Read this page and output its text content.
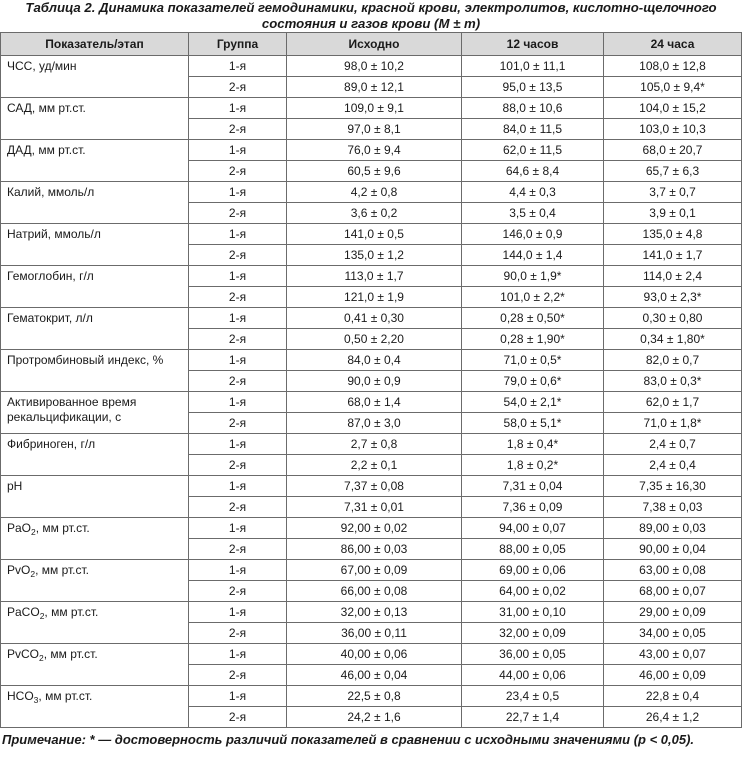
Таблица 2. Динамика показателей гемодинамики, красной крови, электролитов, кислотно-щелочного
состояния и газов крови (M ± m)
Показатель/этап	Группа	Исходно	12 часов	24 часа
ЧСС, уд/мин	1-я	98,0 ± 10,2	101,0 ± 11,1	108,0 ± 12,8
	2-я	89,0 ± 12,1	95,0 ± 13,5	105,0 ± 9,4*
САД, мм рт.ст.	1-я	109,0 ± 9,1	88,0 ± 10,6	104,0 ± 15,2
	2-я	97,0 ± 8,1	84,0 ± 11,5	103,0 ± 10,3
ДАД, мм рт.ст.	1-я	76,0 ± 9,4	62,0 ± 11,5	68,0 ± 20,7
	2-я	60,5 ± 9,6	64,6 ± 8,4	65,7 ± 6,3
Калий, ммоль/л	1-я	4,2 ± 0,8	4,4 ± 0,3	3,7 ± 0,7
	2-я	3,6 ± 0,2	3,5 ± 0,4	3,9 ± 0,1
Натрий, ммоль/л	1-я	141,0 ± 0,5	146,0 ± 0,9	135,0 ± 4,8
	2-я	135,0 ± 1,2	144,0 ± 1,4	141,0 ± 1,7
Гемоглобин, г/л	1-я	113,0 ± 1,7	90,0 ± 1,9*	114,0 ± 2,4
	2-я	121,0 ± 1,9	101,0 ± 2,2*	93,0 ± 2,3*
Гематокрит, л/л	1-я	0,41 ± 0,30	0,28 ± 0,50*	0,30 ± 0,80
	2-я	0,50 ± 2,20	0,28 ± 1,90*	0,34 ± 1,80*
Протромбиновый индекс, %	1-я	84,0 ± 0,4	71,0 ± 0,5*	82,0 ± 0,7
	2-я	90,0 ± 0,9	79,0 ± 0,6*	83,0 ± 0,3*
Активированное время рекальцификации, с	1-я	68,0 ± 1,4	54,0 ± 2,1*	62,0 ± 1,7
	2-я	87,0 ± 3,0	58,0 ± 5,1*	71,0 ± 1,8*
Фибриноген, г/л	1-я	2,7 ± 0,8	1,8 ± 0,4*	2,4 ± 0,7
	2-я	2,2 ± 0,1	1,8 ± 0,2*	2,4 ± 0,4
pH	1-я	7,37 ± 0,08	7,31 ± 0,04	7,35 ± 16,30
	2-я	7,31 ± 0,01	7,36 ± 0,09	7,38 ± 0,03
PaO$_2$, мм рт.ст.	1-я	92,00 ± 0,02	94,00 ± 0,07	89,00 ± 0,03
	2-я	86,00 ± 0,03	88,00 ± 0,05	90,00 ± 0,04
PvO$_2$, мм рт.ст.	1-я	67,00 ± 0,09	69,00 ± 0,06	63,00 ± 0,08
	2-я	66,00 ± 0,08	64,00 ± 0,02	68,00 ± 0,07
PaCO$_2$, мм рт.ст.	1-я	32,00 ± 0,13	31,00 ± 0,10	29,00 ± 0,09
	2-я	36,00 ± 0,11	32,00 ± 0,09	34,00 ± 0,05
PvCO$_2$, мм рт.ст.	1-я	40,00 ± 0,06	36,00 ± 0,05	43,00 ± 0,07
	2-я	46,00 ± 0,04	44,00 ± 0,06	46,00 ± 0,09
$HCO_3$, мм рт.ст.	1-я	22,5 ± 0,8	23,4 ± 0,5	22,8 ± 0,4
	2-я	24,2 ± 1,6	22,7 ± 1,4	26,4 ± 1,2
Примечание: * — достоверность различий показателей в сравнении с исходными значениями (p < 0,05).
